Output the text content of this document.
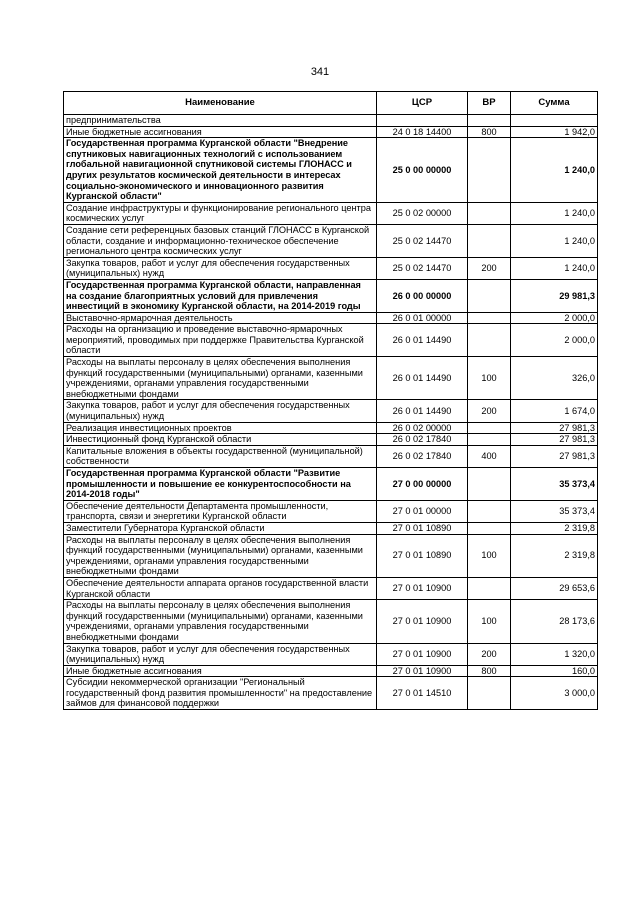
341
Наименование	ЦСР	ВР	Сумма
предпринимательства			
Иные бюджетные ассигнования	24 0 18 14400	800	1 942,0
Государственная программа Курганской области "Внедрение спутниковых навигационных технологий с использованием глобальной навигационной спутниковой системы ГЛОНАСС и других результатов космической деятельности в интересах социально-экономического и инновационного развития Курганской области"	25 0 00 00000		1 240,0
Создание инфраструктуры и функционирование регионального центра космических услуг	25 0 02 00000		1 240,0
Создание сети референцных базовых станций ГЛОНАСС в Курганской области, создание и информационно-техническое обеспечение регионального центра космических услуг	25 0 02 14470		1 240,0
Закупка товаров, работ и услуг для обеспечения государственных (муниципальных) нужд	25 0 02 14470	200	1 240,0
Государственная программа Курганской области, направленная на создание благоприятных условий для привлечения инвестиций в экономику Курганской области, на 2014-2019 годы	26 0 00 00000		29 981,3
Выставочно-ярмарочная деятельность	26 0 01 00000		2 000,0
Расходы на организацию и проведение выставочно-ярмарочных мероприятий, проводимых при поддержке Правительства Курганской области	26 0 01 14490		2 000,0
Расходы на выплаты персоналу в целях обеспечения выполнения функций государственными (муниципальными) органами, казенными учреждениями, органами управления государственными внебюджетными фондами	26 0 01 14490	100	326,0
Закупка товаров, работ и услуг для обеспечения государственных (муниципальных) нужд	26 0 01 14490	200	1 674,0
Реализация инвестиционных проектов	26 0 02 00000		27 981,3
Инвестиционный фонд Курганской области	26 0 02 17840		27 981,3
Капитальные вложения в объекты государственной (муниципальной) собственности	26 0 02 17840	400	27 981,3
Государственная программа Курганской области "Развитие промышленности и повышение ее конкурентоспособности на 2014-2018 годы"	27 0 00 00000		35 373,4
Обеспечение деятельности Департамента промышленности, транспорта, связи и энергетики Курганской области	27 0 01 00000		35 373,4
Заместители Губернатора Курганской области	27 0 01 10890		2 319,8
Расходы на выплаты персоналу в целях обеспечения выполнения функций государственными (муниципальными) органами, казенными учреждениями, органами управления государственными внебюджетными фондами	27 0 01 10890	100	2 319,8
Обеспечение деятельности аппарата органов государственной власти Курганской области	27 0 01 10900		29 653,6
Расходы на выплаты персоналу в целях обеспечения выполнения функций государственными (муниципальными) органами, казенными учреждениями, органами управления государственными внебюджетными фондами	27 0 01 10900	100	28 173,6
Закупка товаров, работ и услуг для обеспечения государственных (муниципальных) нужд	27 0 01 10900	200	1 320,0
Иные бюджетные ассигнования	27 0 01 10900	800	160,0
Субсидии некоммерческой организации "Региональный государственный фонд развития промышленности" на предоставление займов для финансовой поддержки	27 0 01 14510		3 000,0
